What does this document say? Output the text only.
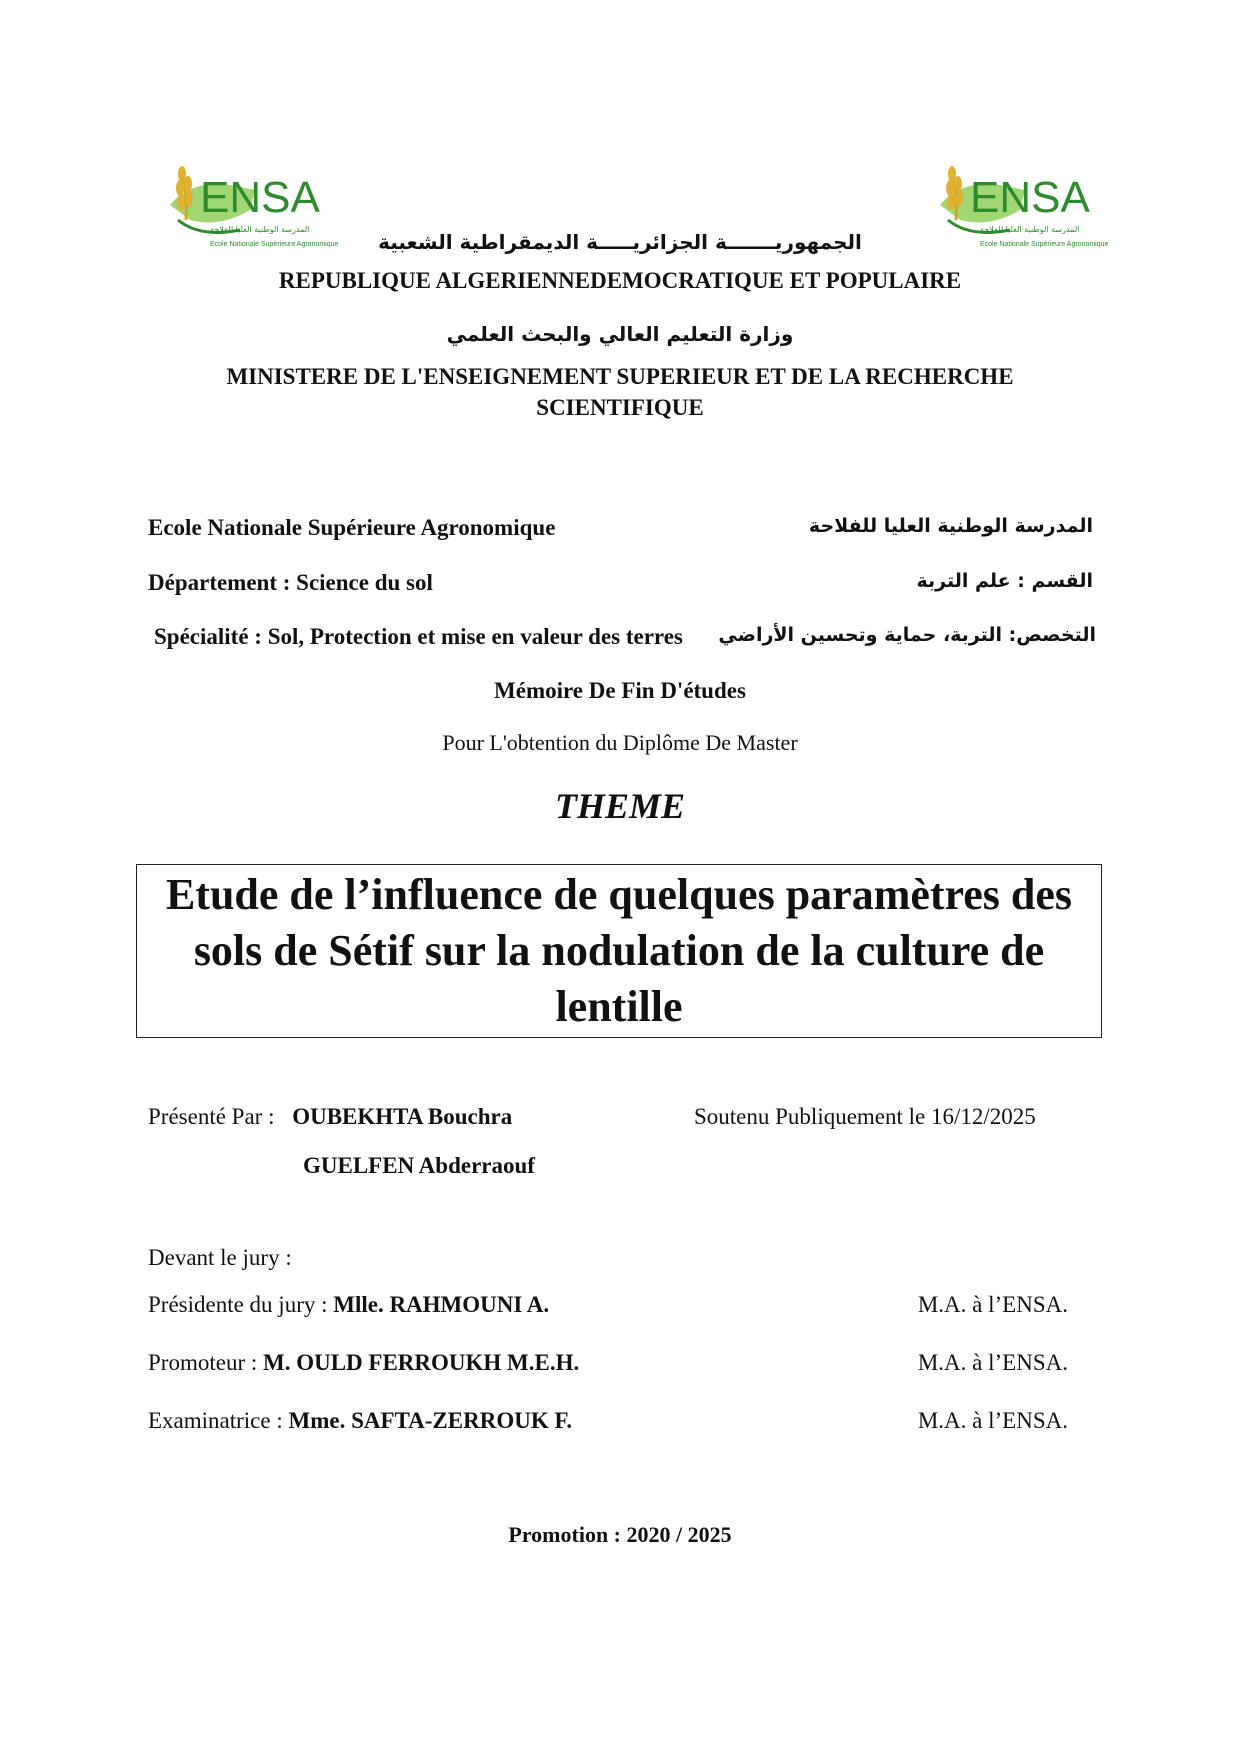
ENSA
المدرسة الوطنية العليا للفلاحة
Ecole Nationale Supérieure Agronomique
ENSA
المدرسة الوطنية العليا للفلاحة
Ecole Nationale Supérieure Agronomique
الجمهوريـــــــة الجزائريـــــة الديمقراطية الشعبية
REPUBLIQUE ALGERIENNEDEMOCRATIQUE ET POPULAIRE
وزارة التعليم العالي والبحث العلمي
MINISTERE DE L'ENSEIGNEMENT SUPERIEUR ET DE LA RECHERCHE
SCIENTIFIQUE
Ecole Nationale Supérieure Agronomique	المدرسة الوطنية العليا للفلاحة
Département : Science du sol	القسم : علم التربة
Spécialité : Sol, Protection et mise en valeur des terres التخصص: التربة، حماية وتحسين الأراضي
Mémoire De Fin D'études
Pour L'obtention du Diplôme De Master
THEME
Etude de l’influence de quelques paramètres des
sols de Sétif sur la nodulation de la culture de
lentille
Présenté Par : OUBEKHTA Bouchra
GUELFEN Abderraouf
Soutenu Publiquement le 16/12/2025
Devant le jury :
Présidente du jury : Mlle. RAHMOUNI A.	M.A. à l’ENSA.
Promoteur : M. OULD FERROUKH M.E.H.	M.A. à l’ENSA.
Examinatrice : Mme. SAFTA-ZERROUK F.	M.A. à l’ENSA.
Promotion : 2020 / 2025
